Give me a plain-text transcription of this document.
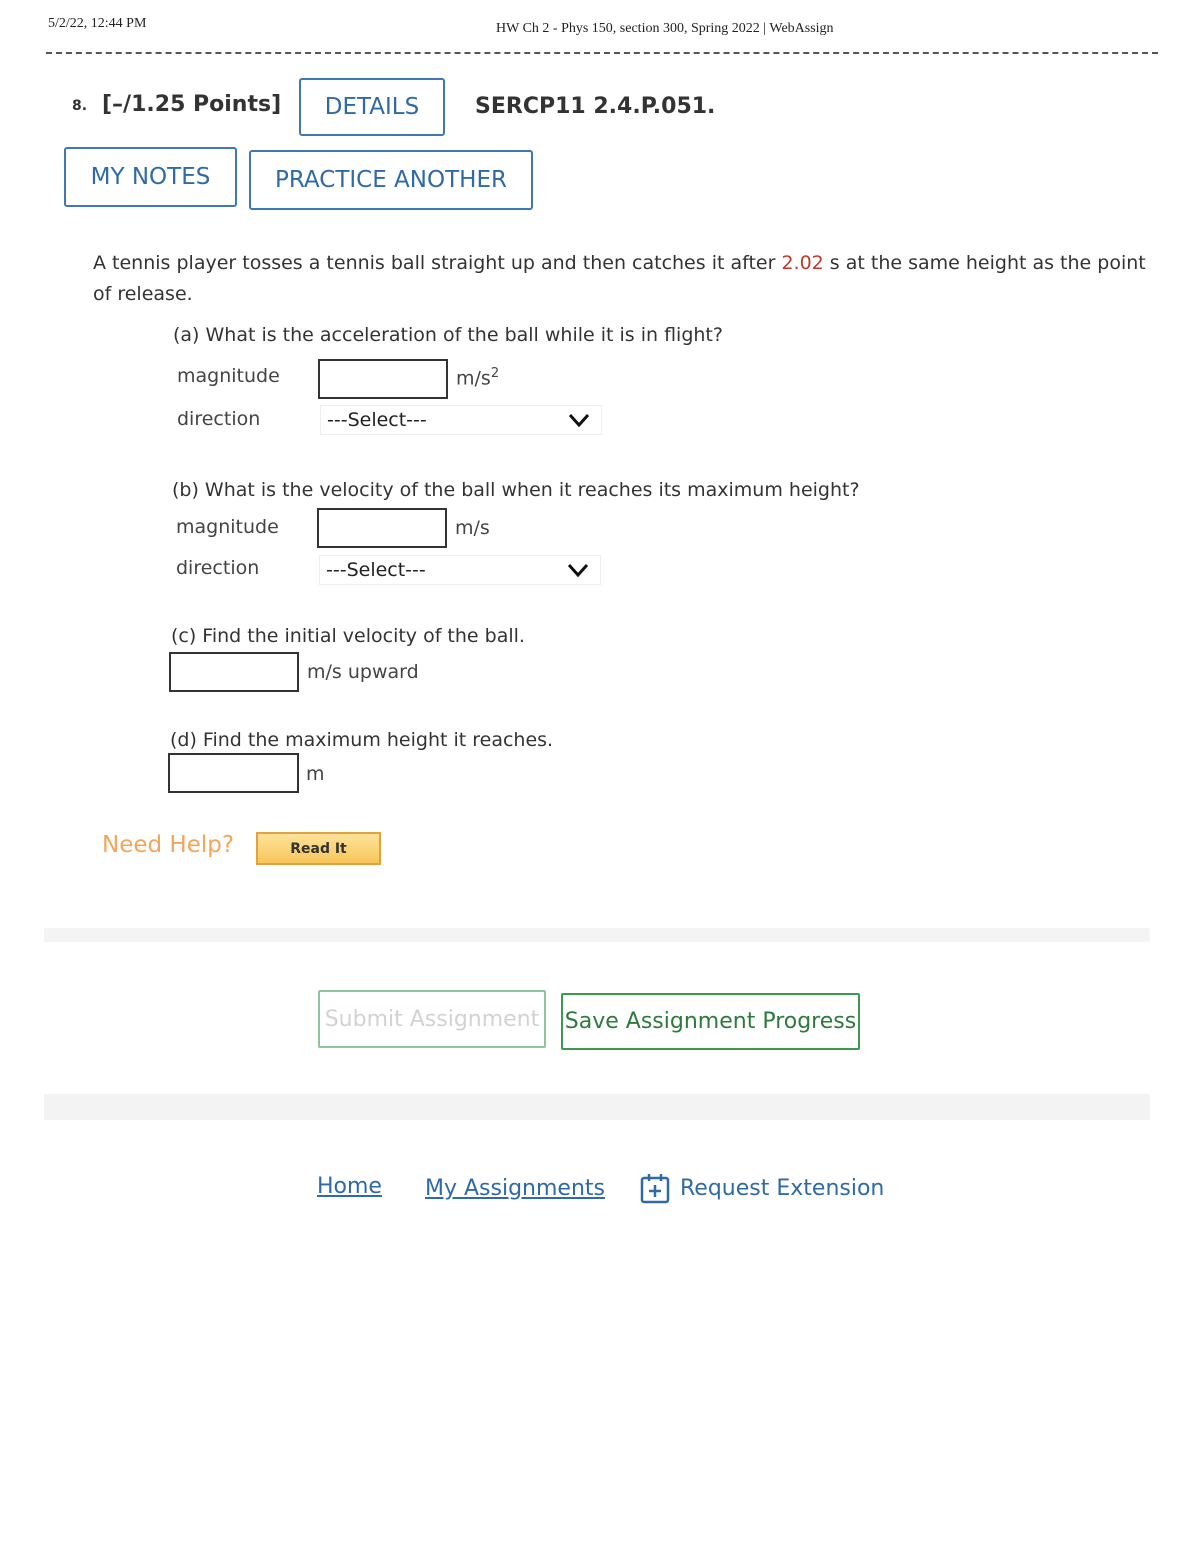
5/2/22, 12:44 PM	HW Ch 2 - Phys 150, section 300, Spring 2022 | WebAssign
8. [–/1.25 Points]	DETAILS	SERCP11 2.4.P.051.
MY NOTES	PRACTICE ANOTHER
A tennis player tosses a tennis ball straight up and then catches it after 2.02 s at the same height as the point of release.
(a) What is the acceleration of the ball while it is in flight?
magnitude	$m/s^2$
direction	---Select---
(b) What is the velocity of the ball when it reaches its maximum height?
magnitude	m/s
direction	---Select---
(c) Find the initial velocity of the ball.
m/s upward
(d) Find the maximum height it reaches.
m
Need Help?	Read It
Submit Assignment	Save Assignment Progress
Home My Assignments	Request Extension
